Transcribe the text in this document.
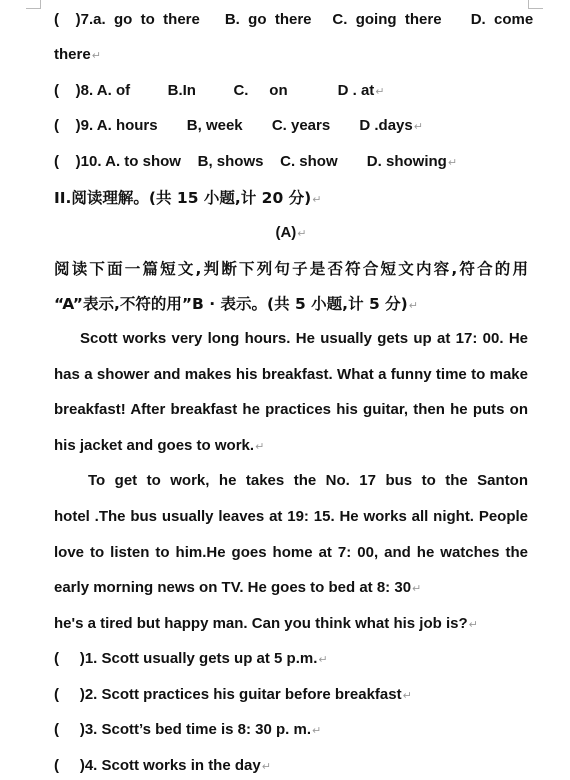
(    )7.a.  go  to  there      B.  go  there     C.  going  there       D.  come
there↵
(    )8. A. of         B.In         C.     on            D . at↵
(    )9. A. hours       B, week       C. years       D .days↵
(    )10. A. to show    B, shows    C. show       D. showing↵
II.阅读理解。(共 15 小题,计 20 分)↵
(A)↵
阅读下面一篇短文,判断下列句子是否符合短文内容,符合的用
“A”表示,不符的用”B · 表示。(共 5 小题,计 5 分)↵
Scott works very long hours. He usually gets up at 17: 00. He
has a shower and makes his breakfast. What a funny time to make
breakfast! After breakfast he practices his guitar, then he puts on
his jacket and goes to work.↵
To get to work, he takes the No. 17 bus to the Santon
hotel .The bus usually leaves at 19: 15. He works all night. People
love to listen to him.He goes home at 7: 00, and he watches the
early morning news on TV. He goes to bed at 8: 30↵
he's a tired but happy man. Can you think what his job is?↵
(     )1. Scott usually gets up at 5 p.m.↵
(     )2. Scott practices his guitar before breakfast↵
(     )3. Scott’s bed time is 8: 30 p. m.↵
(     )4. Scott works in the day↵
